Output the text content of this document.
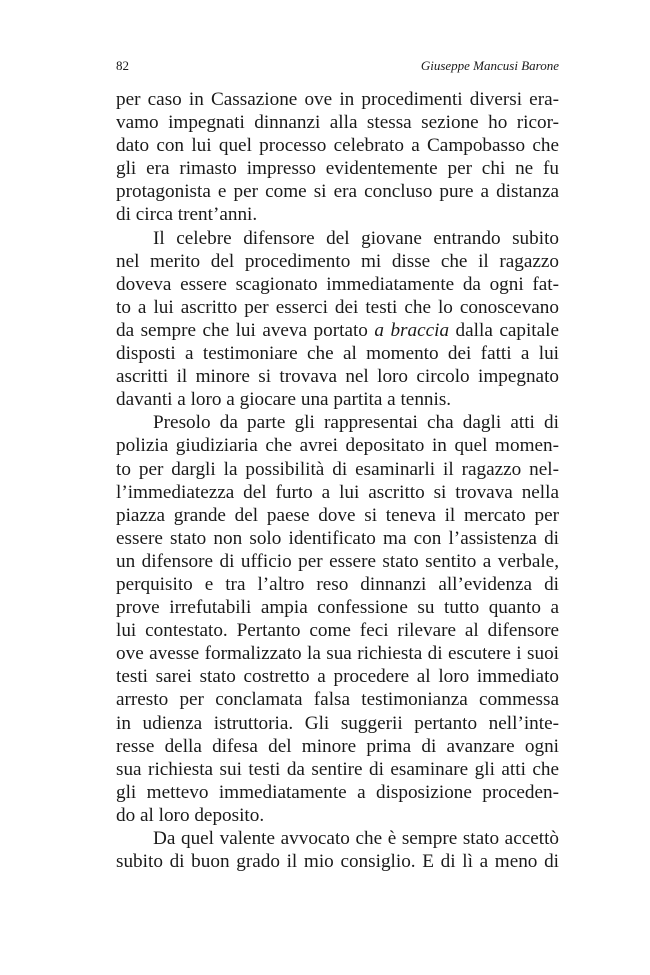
82	Giuseppe Mancusi Barone
per caso in Cassazione ove in procedimenti diversi era-
vamo impegnati dinnanzi alla stessa sezione ho ricor-
dato con lui quel processo celebrato a Campobasso che
gli era rimasto impresso evidentemente per chi ne fu
protagonista e per come si era concluso pure a distanza
di circa trent’anni.
Il celebre difensore del giovane entrando subito
nel merito del procedimento mi disse che il ragazzo
doveva essere scagionato immediatamente da ogni fat-
to a lui ascritto per esserci dei testi che lo conoscevano
da sempre che lui aveva portato a braccia dalla capitale
disposti a testimoniare che al momento dei fatti a lui
ascritti il minore si trovava nel loro circolo impegnato
davanti a loro a giocare una partita a tennis.
Presolo da parte gli rappresentai cha dagli atti di
polizia giudiziaria che avrei depositato in quel momen-
to per dargli la possibilità di esaminarli il ragazzo nel-
l’immediatezza del furto a lui ascritto si trovava nella
piazza grande del paese dove si teneva il mercato per
essere stato non solo identificato ma con l’assistenza di
un difensore di ufficio per essere stato sentito a verbale,
perquisito e tra l’altro reso dinnanzi all’evidenza di
prove irrefutabili ampia confessione su tutto quanto a
lui contestato. Pertanto come feci rilevare al difensore
ove avesse formalizzato la sua richiesta di escutere i suoi
testi sarei stato costretto a procedere al loro immediato
arresto per conclamata falsa testimonianza commessa
in udienza istruttoria. Gli suggerii pertanto nell’inte-
resse della difesa del minore prima di avanzare ogni
sua richiesta sui testi da sentire di esaminare gli atti che
gli mettevo immediatamente a disposizione proceden-
do al loro deposito.
Da quel valente avvocato che è sempre stato accettò
subito di buon grado il mio consiglio. E di lì a meno di
